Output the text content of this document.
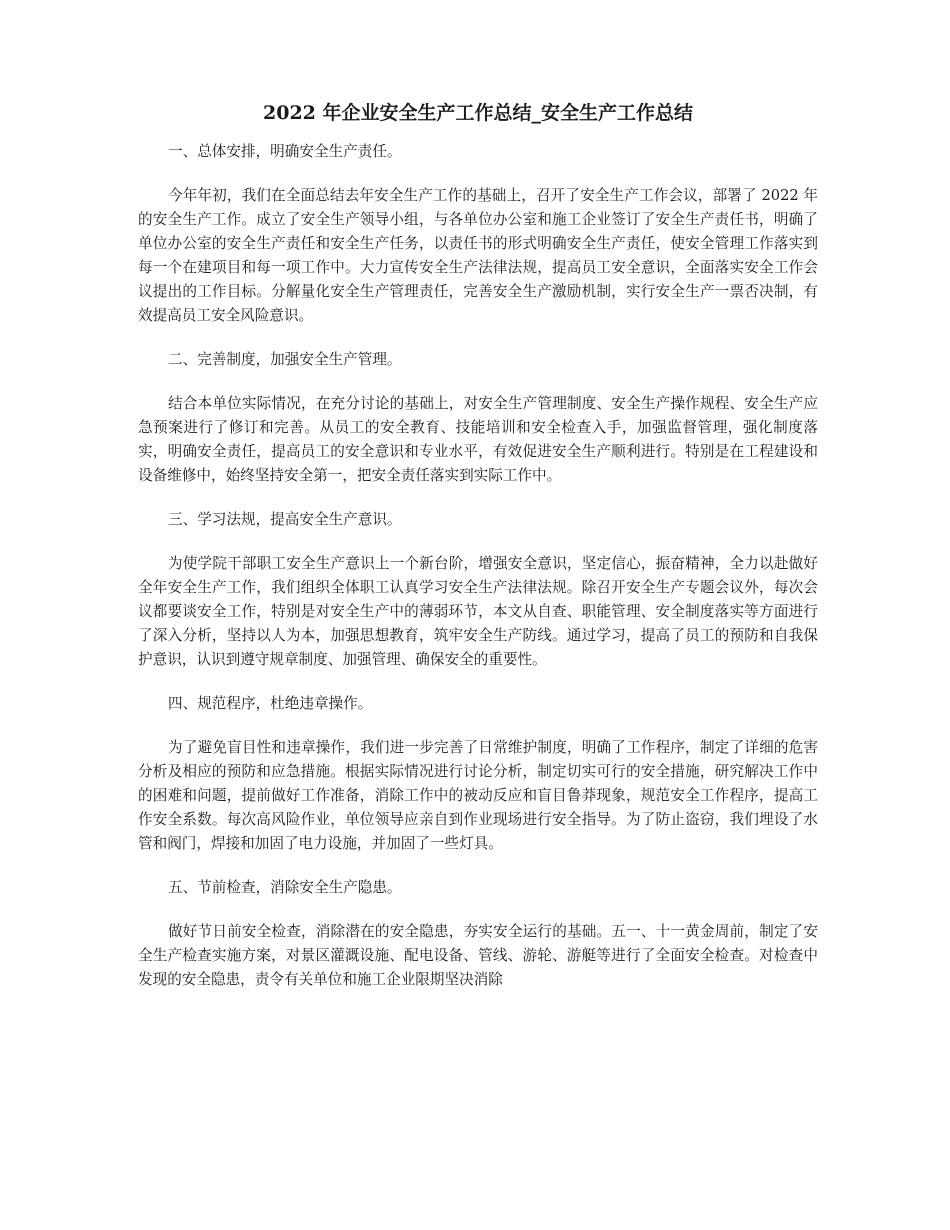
2022 年企业安全生产工作总结_安全生产工作总结

一、总体安排，明确安全生产责任。

今年年初，我们在全面总结去年安全生产工作的基础上，召开了安全生产工作会议，部署了 2022 年的安全生产工作。成立了安全生产领导小组，与各单位办公室和施工企业签订了安全生产责任书，明确了单位办公室的安全生产责任和安全生产任务，以责任书的形式明确安全生产责任，使安全管理工作落实到每一个在建项目和每一项工作中。大力宣传安全生产法律法规，提高员工安全意识，全面落实安全工作会议提出的工作目标。分解量化安全生产管理责任，完善安全生产激励机制，实行安全生产一票否决制，有效提高员工安全风险意识。

二、完善制度，加强安全生产管理。

结合本单位实际情况，在充分讨论的基础上，对安全生产管理制度、安全生产操作规程、安全生产应急预案进行了修订和完善。从员工的安全教育、技能培训和安全检查入手，加强监督管理，强化制度落实，明确安全责任，提高员工的安全意识和专业水平，有效促进安全生产顺利进行。特别是在工程建设和设备维修中，始终坚持安全第一，把安全责任落实到实际工作中。

三、学习法规，提高安全生产意识。

为使学院干部职工安全生产意识上一个新台阶，增强安全意识，坚定信心，振奋精神，全力以赴做好全年安全生产工作，我们组织全体职工认真学习安全生产法律法规。除召开安全生产专题会议外，每次会议都要谈安全工作，特别是对安全生产中的薄弱环节，本文从自查、职能管理、安全制度落实等方面进行了深入分析，坚持以人为本，加强思想教育，筑牢安全生产防线。通过学习，提高了员工的预防和自我保护意识，认识到遵守规章制度、加强管理、确保安全的重要性。

四、规范程序，杜绝违章操作。

为了避免盲目性和违章操作，我们进一步完善了日常维护制度，明确了工作程序，制定了详细的危害分析及相应的预防和应急措施。根据实际情况进行讨论分析，制定切实可行的安全措施，研究解决工作中的困难和问题，提前做好工作准备，消除工作中的被动反应和盲目鲁莽现象，规范安全工作程序，提高工作安全系数。每次高风险作业，单位领导应亲自到作业现场进行安全指导。为了防止盗窃，我们埋设了水管和阀门，焊接和加固了电力设施，并加固了一些灯具。

五、节前检查，消除安全生产隐患。

做好节日前安全检查，消除潜在的安全隐患，夯实安全运行的基础。五一、十一黄金周前，制定了安全生产检查实施方案，对景区灌溉设施、配电设备、管线、游轮、游艇等进行了全面安全检查。对检查中发现的安全隐患，责令有关单位和施工企业限期坚决消除
